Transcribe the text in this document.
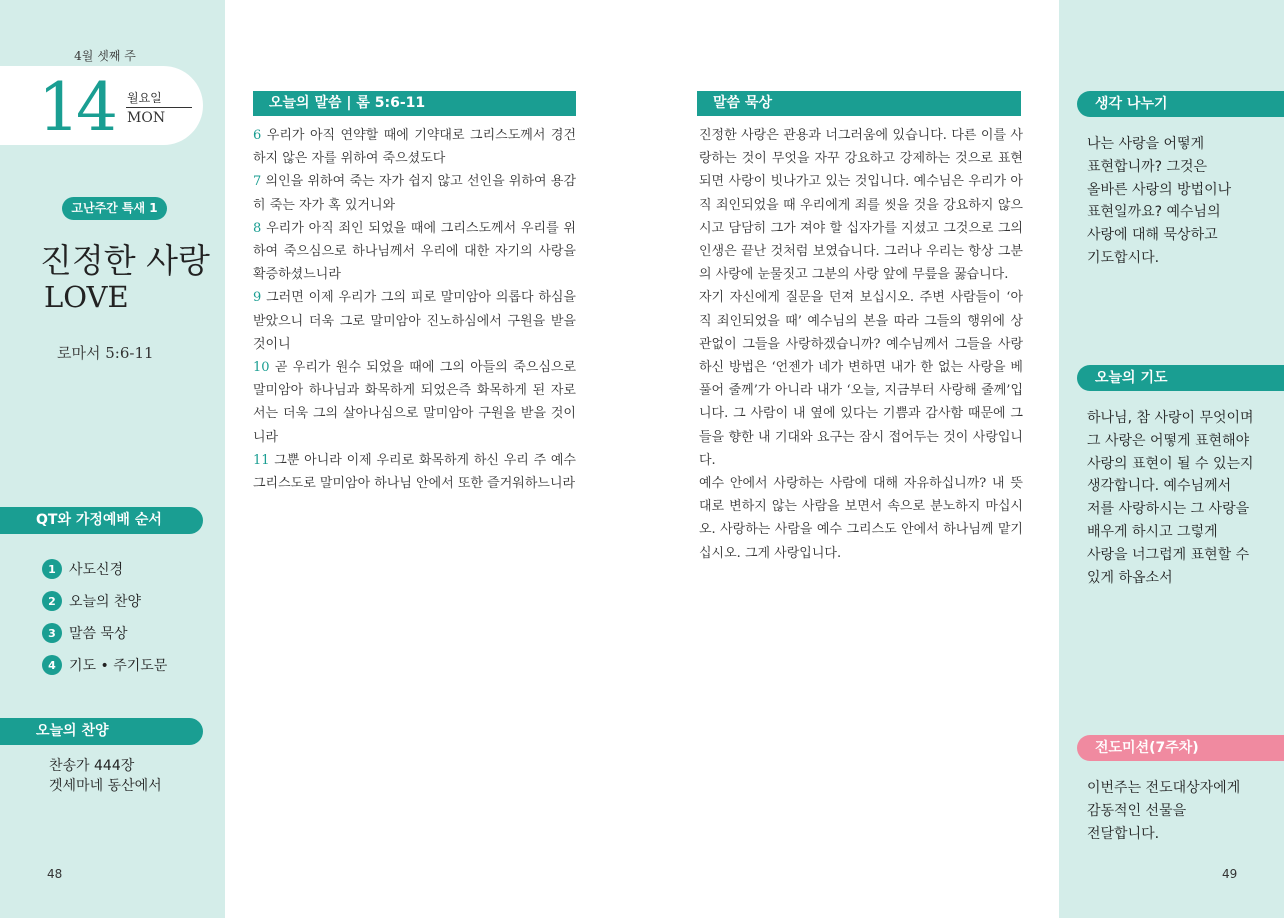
4월 셋째 주
14 월요일
MON
고난주간 특새 1
진정한 사랑
LOVE
로마서 5:6-11
QT와 가정예배 순서
1 사도신경
2 오늘의 찬양
3 말씀 묵상
4 기도 • 주기도문
오늘의 찬양
찬송가 444장
겟세마네 동산에서
48
오늘의 말씀 | 롬 5:6-11
6 우리가 아직 연약할 때에 기약대로 그리스도께서 경건하지 않은 자를 위하여 죽으셨도다
7 의인을 위하여 죽는 자가 쉽지 않고 선인을 위하여 용감히 죽는 자가 혹 있거니와
8 우리가 아직 죄인 되었을 때에 그리스도께서 우리를 위하여 죽으심으로 하나님께서 우리에 대한 자기의 사랑을 확증하셨느니라
9 그러면 이제 우리가 그의 피로 말미암아 의롭다 하심을 받았으니 더욱 그로 말미암아 진노하심에서 구원을 받을 것이니
10 곧 우리가 원수 되었을 때에 그의 아들의 죽으심으로 말미암아 하나님과 화목하게 되었은즉 화목하게 된 자로서는 더욱 그의 살아나심으로 말미암아 구원을 받을 것이니라
11 그뿐 아니라 이제 우리로 화목하게 하신 우리 주 예수 그리스도로 말미암아 하나님 안에서 또한 즐거워하느니라
말씀 묵상

진정한 사랑은 관용과 너그러움에 있습니다. 다른 이를 사랑하는 것이 무엇을 자꾸 강요하고 강제하는 것으로 표현되면 사랑이 빗나가고 있는 것입니다. 예수님은 우리가 아직 죄인되었을 때 우리에게 죄를 씻을 것을 강요하지 않으시고 담담히 그가 져야 할 십자가를 지셨고 그것으로 그의 인생은 끝난 것처럼 보였습니다. 그러나 우리는 항상 그분의 사랑에 눈물짓고 그분의 사랑 앞에 무릎을 꿇습니다.

자기 자신에게 질문을 던져 보십시오. 주변 사람들이 ‘아직 죄인되었을 때’ 예수님의 본을 따라 그들의 행위에 상관없이 그들을 사랑하겠습니까? 예수님께서 그들을 사랑하신 방법은 ‘언젠가 네가 변하면 내가 한 없는 사랑을 베풀어 줄께’가 아니라 내가 ‘오늘, 지금부터 사랑해 줄께’입니다. 그 사람이 내 옆에 있다는 기쁨과 감사함 때문에 그들을 향한 내 기대와 요구는 잠시 접어두는 것이 사랑입니다.

예수 안에서 사랑하는 사람에 대해 자유하십니까? 내 뜻대로 변하지 않는 사람을 보면서 속으로 분노하지 마십시오. 사랑하는 사람을 예수 그리스도 안에서 하나님께 맡기십시오. 그게 사랑입니다.

생각 나누기
나는 사랑을 어떻게
표현합니까? 그것은
올바른 사랑의 방법이나
표현일까요? 예수님의
사랑에 대해 묵상하고
기도합시다.
오늘의 기도
하나님, 참 사랑이 무엇이며
그 사랑은 어떻게 표현해야
사랑의 표현이 될 수 있는지
생각합니다. 예수님께서
저를 사랑하시는 그 사랑을
배우게 하시고 그렇게
사랑을 너그럽게 표현할 수
있게 하옵소서
전도미션(7주차)
이번주는 전도대상자에게
감동적인 선물을
전달합니다.
49
